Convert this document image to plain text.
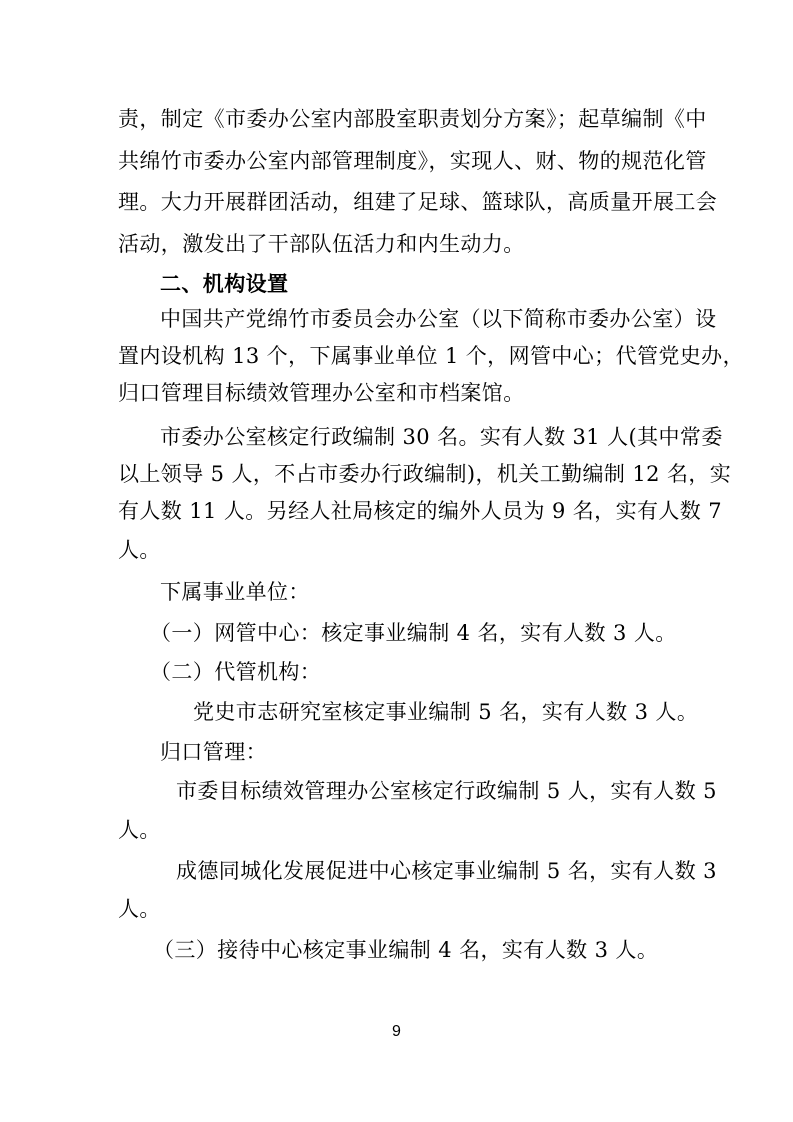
责，制定《市委办公室内部股室职责划分方案》；起草编制《中
共绵竹市委办公室内部管理制度》，实现人、财、物的规范化管
理。大力开展群团活动，组建了足球、篮球队，高质量开展工会
活动，激发出了干部队伍活力和内生动力。
二、机构设置
中国共产党绵竹市委员会办公室（以下简称市委办公室）设
置内设机构 13 个，下属事业单位 1 个，网管中心；代管党史办，
归口管理目标绩效管理办公室和市档案馆。
市委办公室核定行政编制 30 名。实有人数 31 人(其中常委
以上领导 5 人，不占市委办行政编制)，机关工勤编制 12 名，实
有人数 11 人。另经人社局核定的编外人员为 9 名，实有人数 7
人。
下属事业单位：
（一）网管中心：核定事业编制 4 名，实有人数 3 人。
（二）代管机构：
党史市志研究室核定事业编制 5 名，实有人数 3 人。
归口管理：
市委目标绩效管理办公室核定行政编制 5 人，实有人数 5
人。
成德同城化发展促进中心核定事业编制 5 名，实有人数 3
人。
（三）接待中心核定事业编制 4 名，实有人数 3 人。
9
